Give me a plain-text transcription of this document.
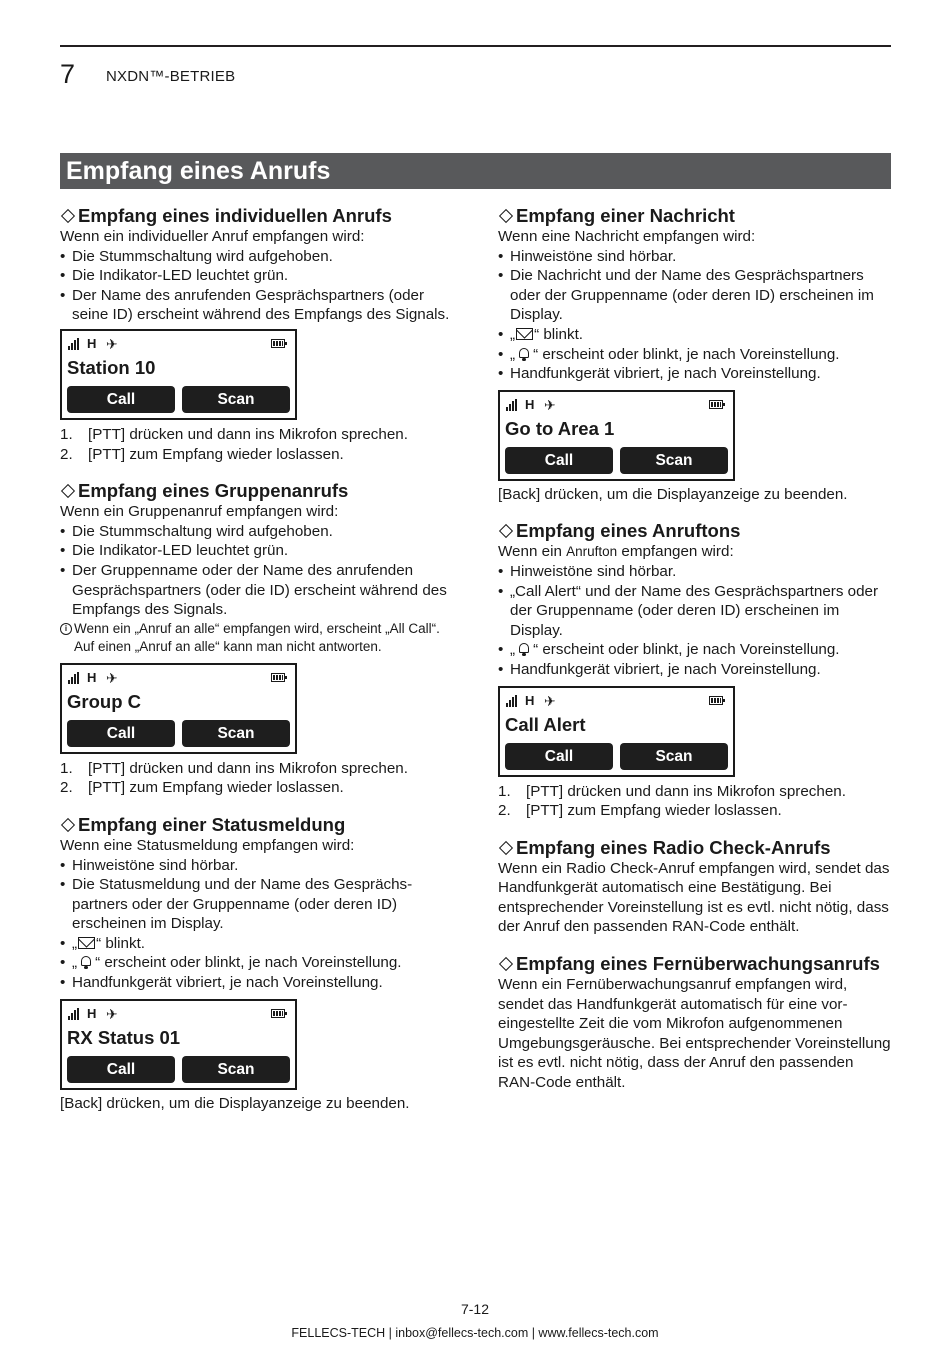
7 NXDN™-BETRIEB
Empfang eines Anrufs
Empfang eines individuellen Anrufs
Wenn ein individueller Anruf empfangen wird:
• Die Stummschaltung wird aufgehoben.
• Die Indikator-LED leuchtet grün.
• Der Name des anrufenden Gesprächspartners (oder seine ID) erscheint während des Empfangs des Signals.
H ✈
Station 10
Call	Scan
1. [PTT] drücken und dann ins Mikrofon sprechen.
2. [PTT] zum Empfang wieder loslassen.
Empfang eines Gruppenanrufs
Wenn ein Gruppenanruf empfangen wird:
• Die Stummschaltung wird aufgehoben.
• Die Indikator-LED leuchtet grün.
• Der Gruppenname oder der Name des anrufenden Gesprächspartners (oder die ID) erscheint während des Empfangs des Signals.
i Wenn ein „Anruf an alle“ empfangen wird, erscheint „All Call“. Auf einen „Anruf an alle“ kann man nicht antworten.
H ✈
Group C
Call	Scan
1. [PTT] drücken und dann ins Mikrofon sprechen.
2. [PTT] zum Empfang wieder loslassen.
Empfang einer Statusmeldung
Wenn eine Statusmeldung empfangen wird:
• Hinweistöne sind hörbar.
• Die Statusmeldung und der Name des Gesprächspartners oder der Gruppenname (oder deren ID) erscheinen im Display.
• „ “ blinkt.
• „ “ erscheint oder blinkt, je nach Voreinstellung.
• Handfunkgerät vibriert, je nach Voreinstellung.
H ✈
RX Status 01
Call	Scan
[Back] drücken, um die Displayanzeige zu beenden.
Empfang einer Nachricht
Wenn eine Nachricht empfangen wird:
• Hinweistöne sind hörbar.
• Die Nachricht und der Name des Gesprächspartners oder der Gruppenname (oder deren ID) erscheinen im Display.
• „ “ blinkt.
• „ “ erscheint oder blinkt, je nach Voreinstellung.
• Handfunkgerät vibriert, je nach Voreinstellung.
H ✈
Go to Area 1
Call	Scan
[Back] drücken, um die Displayanzeige zu beenden.
Empfang eines Anruftons
Wenn ein Anrufton empfangen wird:
• Hinweistöne sind hörbar.
• „Call Alert“ und der Name des Gesprächspartners oder der Gruppenname (oder deren ID) erscheinen im Display.
• „ “ erscheint oder blinkt, je nach Voreinstellung.
• Handfunkgerät vibriert, je nach Voreinstellung.
H ✈
Call Alert
Call	Scan
1. [PTT] drücken und dann ins Mikrofon sprechen.
2. [PTT] zum Empfang wieder loslassen.
Empfang eines Radio Check-Anrufs
Wenn ein Radio Check-Anruf empfangen wird, sendet das Handfunkgerät automatisch eine Bestätigung. Bei entsprechender Voreinstellung ist es evtl. nicht nötig, dass der Anruf den passenden RAN-Code enthält.
Empfang eines Fernüberwachungsanrufs
Wenn ein Fernüberwachungsanruf empfangen wird, sendet das Handfunkgerät automatisch für eine voreingestellte Zeit die vom Mikrofon aufgenommenen Umgebungsgeräusche. Bei entsprechender Voreinstellung ist es evtl. nicht nötig, dass der Anruf den passenden RAN-Code enthält.
7-12
FELLECS-TECH | inbox@fellecs-tech.com | www.fellecs-tech.com
